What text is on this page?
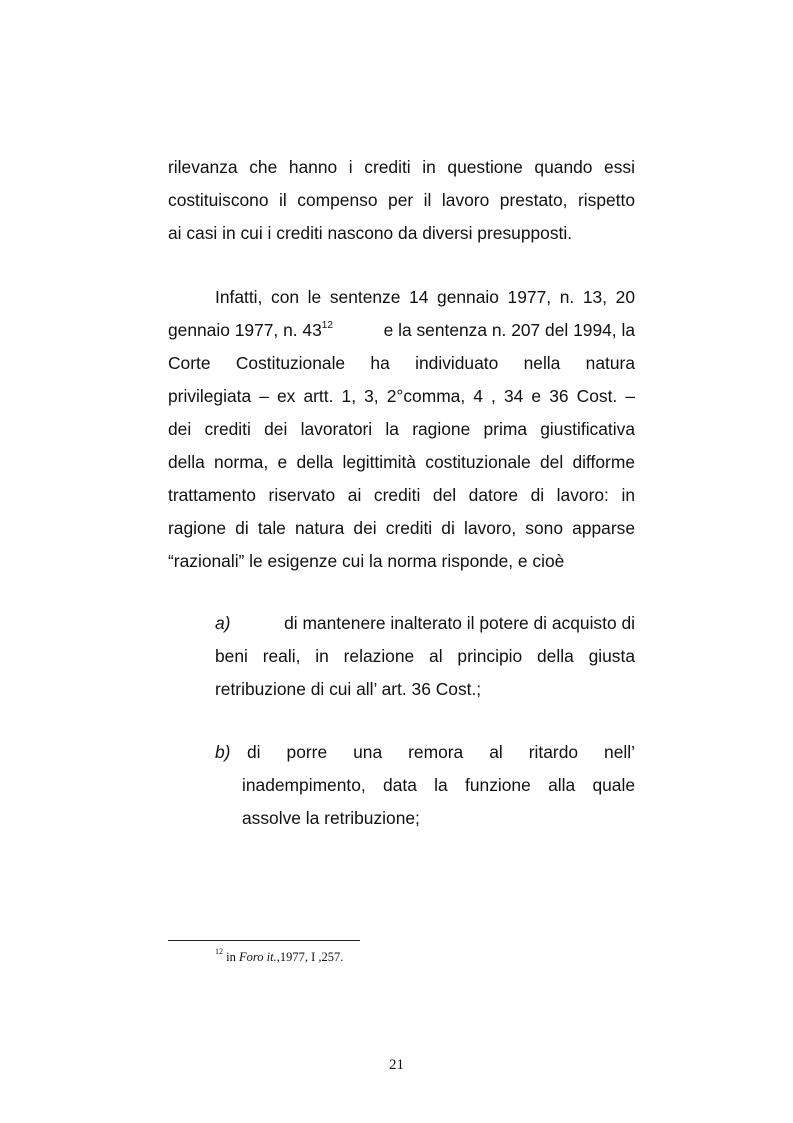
rilevanza che hanno i crediti in questione quando essi
costituiscono il compenso per il lavoro prestato, rispetto
ai casi in cui i crediti nascono da diversi presupposti.
Infatti, con le sentenze 14 gennaio 1977, n. 13, 20
gennaio 1977, n. $43^{12}$	e la sentenza n. 207 del 1994, la
Corte Costituzionale ha individuato nella natura
privilegiata – ex artt. 1, 3, 2°comma, 4 , 34 e 36 Cost. –
dei crediti dei lavoratori la ragione prima giustificativa
della norma, e della legittimità costituzionale del difforme
trattamento riservato ai crediti del datore di lavoro: in
ragione di tale natura dei crediti di lavoro, sono apparse
“razionali” le esigenze cui la norma risponde, e cioè
a)	di mantenere inalterato il potere di acquisto di
beni reali, in relazione al principio della giusta
retribuzione di cui all’ art. 36 Cost.;
b) di porre una remora al ritardo nell’
inadempimento, data la funzione alla quale
assolve la retribuzione;
$^{12}$ in Foro it.,1977, I ,257.
21
